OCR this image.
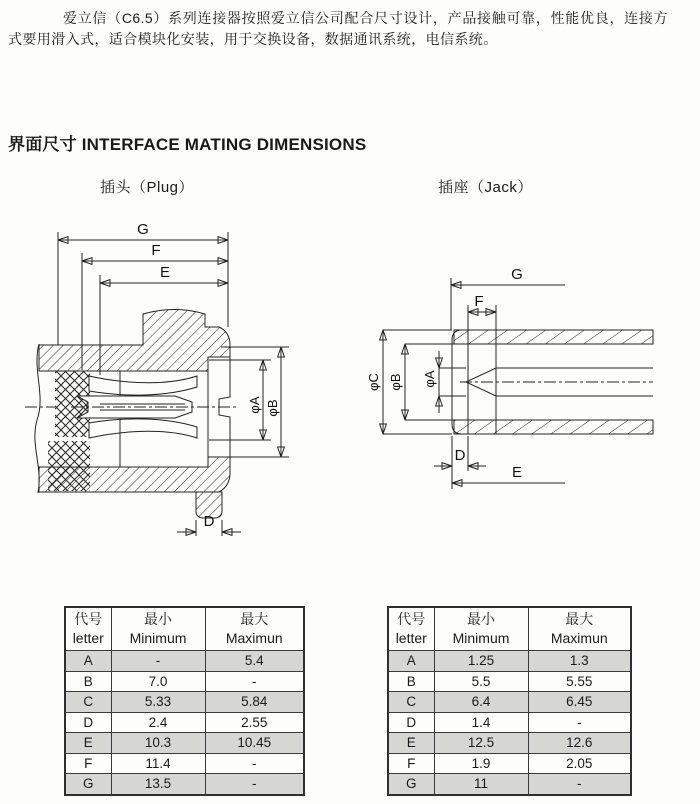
爱立信（C6.5）系列连接器按照爱立信公司配合尺寸设计，产品接触可靠，性能优良，连接方式要用滑入式，适合模块化安装，用于交换设备，数据通讯系统，电信系统。
界面尺寸 INTERFACE MATING DIMENSIONS
插头（Plug）	插座（Jack）
G
F
E
φA φB
D
G
F
φC φB φA
D
E
代号
letter

最小
Minimum

最大
Maximun

A	-	5.4
B	7.0	-
C	5.33	5.84
D	2.4	2.55
E	10.3	10.45
F	11.4	-
G	13.5	-
代号
letter

最小
Minimum

最大
Maximun

A	1.25	1.3
B	5.5	5.55
C	6.4	6.45
D	1.4	-
E	12.5	12.6
F	1.9	2.05
G	11	-
